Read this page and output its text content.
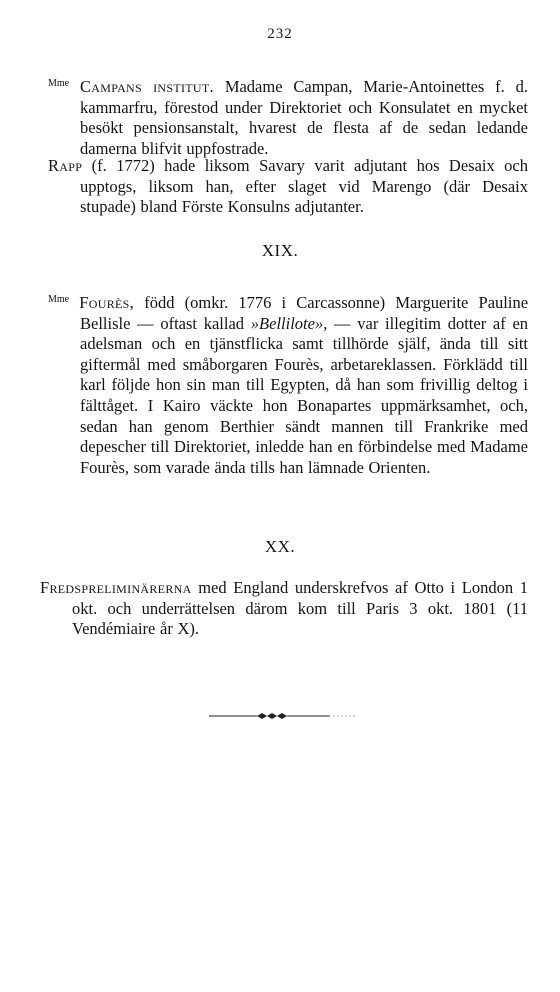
232
$^{Mme}$ Campans institut. Madame Campan, Marie-Antoinettes f. d. kammarfru, förestod under Direktoriet och Konsulatet en mycket besökt pensionsanstalt, hvarest de flesta af de sedan ledande damerna blifvit uppfostrade.
Rapp (f. 1772) hade liksom Savary varit adjutant hos Desaix och upptogs, liksom han, efter slaget vid Marengo (där Desaix stupade) bland Förste Konsulns adjutanter.
XIX.
$^{Mme}$ Fourès, född (omkr. 1776 i Carcassonne) Marguerite Pauline Bellisle — oftast kallad »Bellilote», — var illegitim dotter af en adelsman och en tjänstflicka samt tillhörde själf, ända till sitt giftermål med småborgaren Fourès, arbetareklassen. Förklädd till karl följde hon sin man till Egypten, då han som frivillig deltog i fälttåget. I Kairo väckte hon Bonapartes uppmärksamhet, och, sedan han genom Berthier sändt mannen till Frankrike med depescher till Direktoriet, inledde han en förbindelse med Madame Fourès, som varade ända tills han lämnade Orienten.
XX.
Fredspreliminärerna med England underskrefvos af Otto i London 1 okt. och underrättelsen därom kom till Paris 3 okt. 1801 (11 Vendémiaire år X).
